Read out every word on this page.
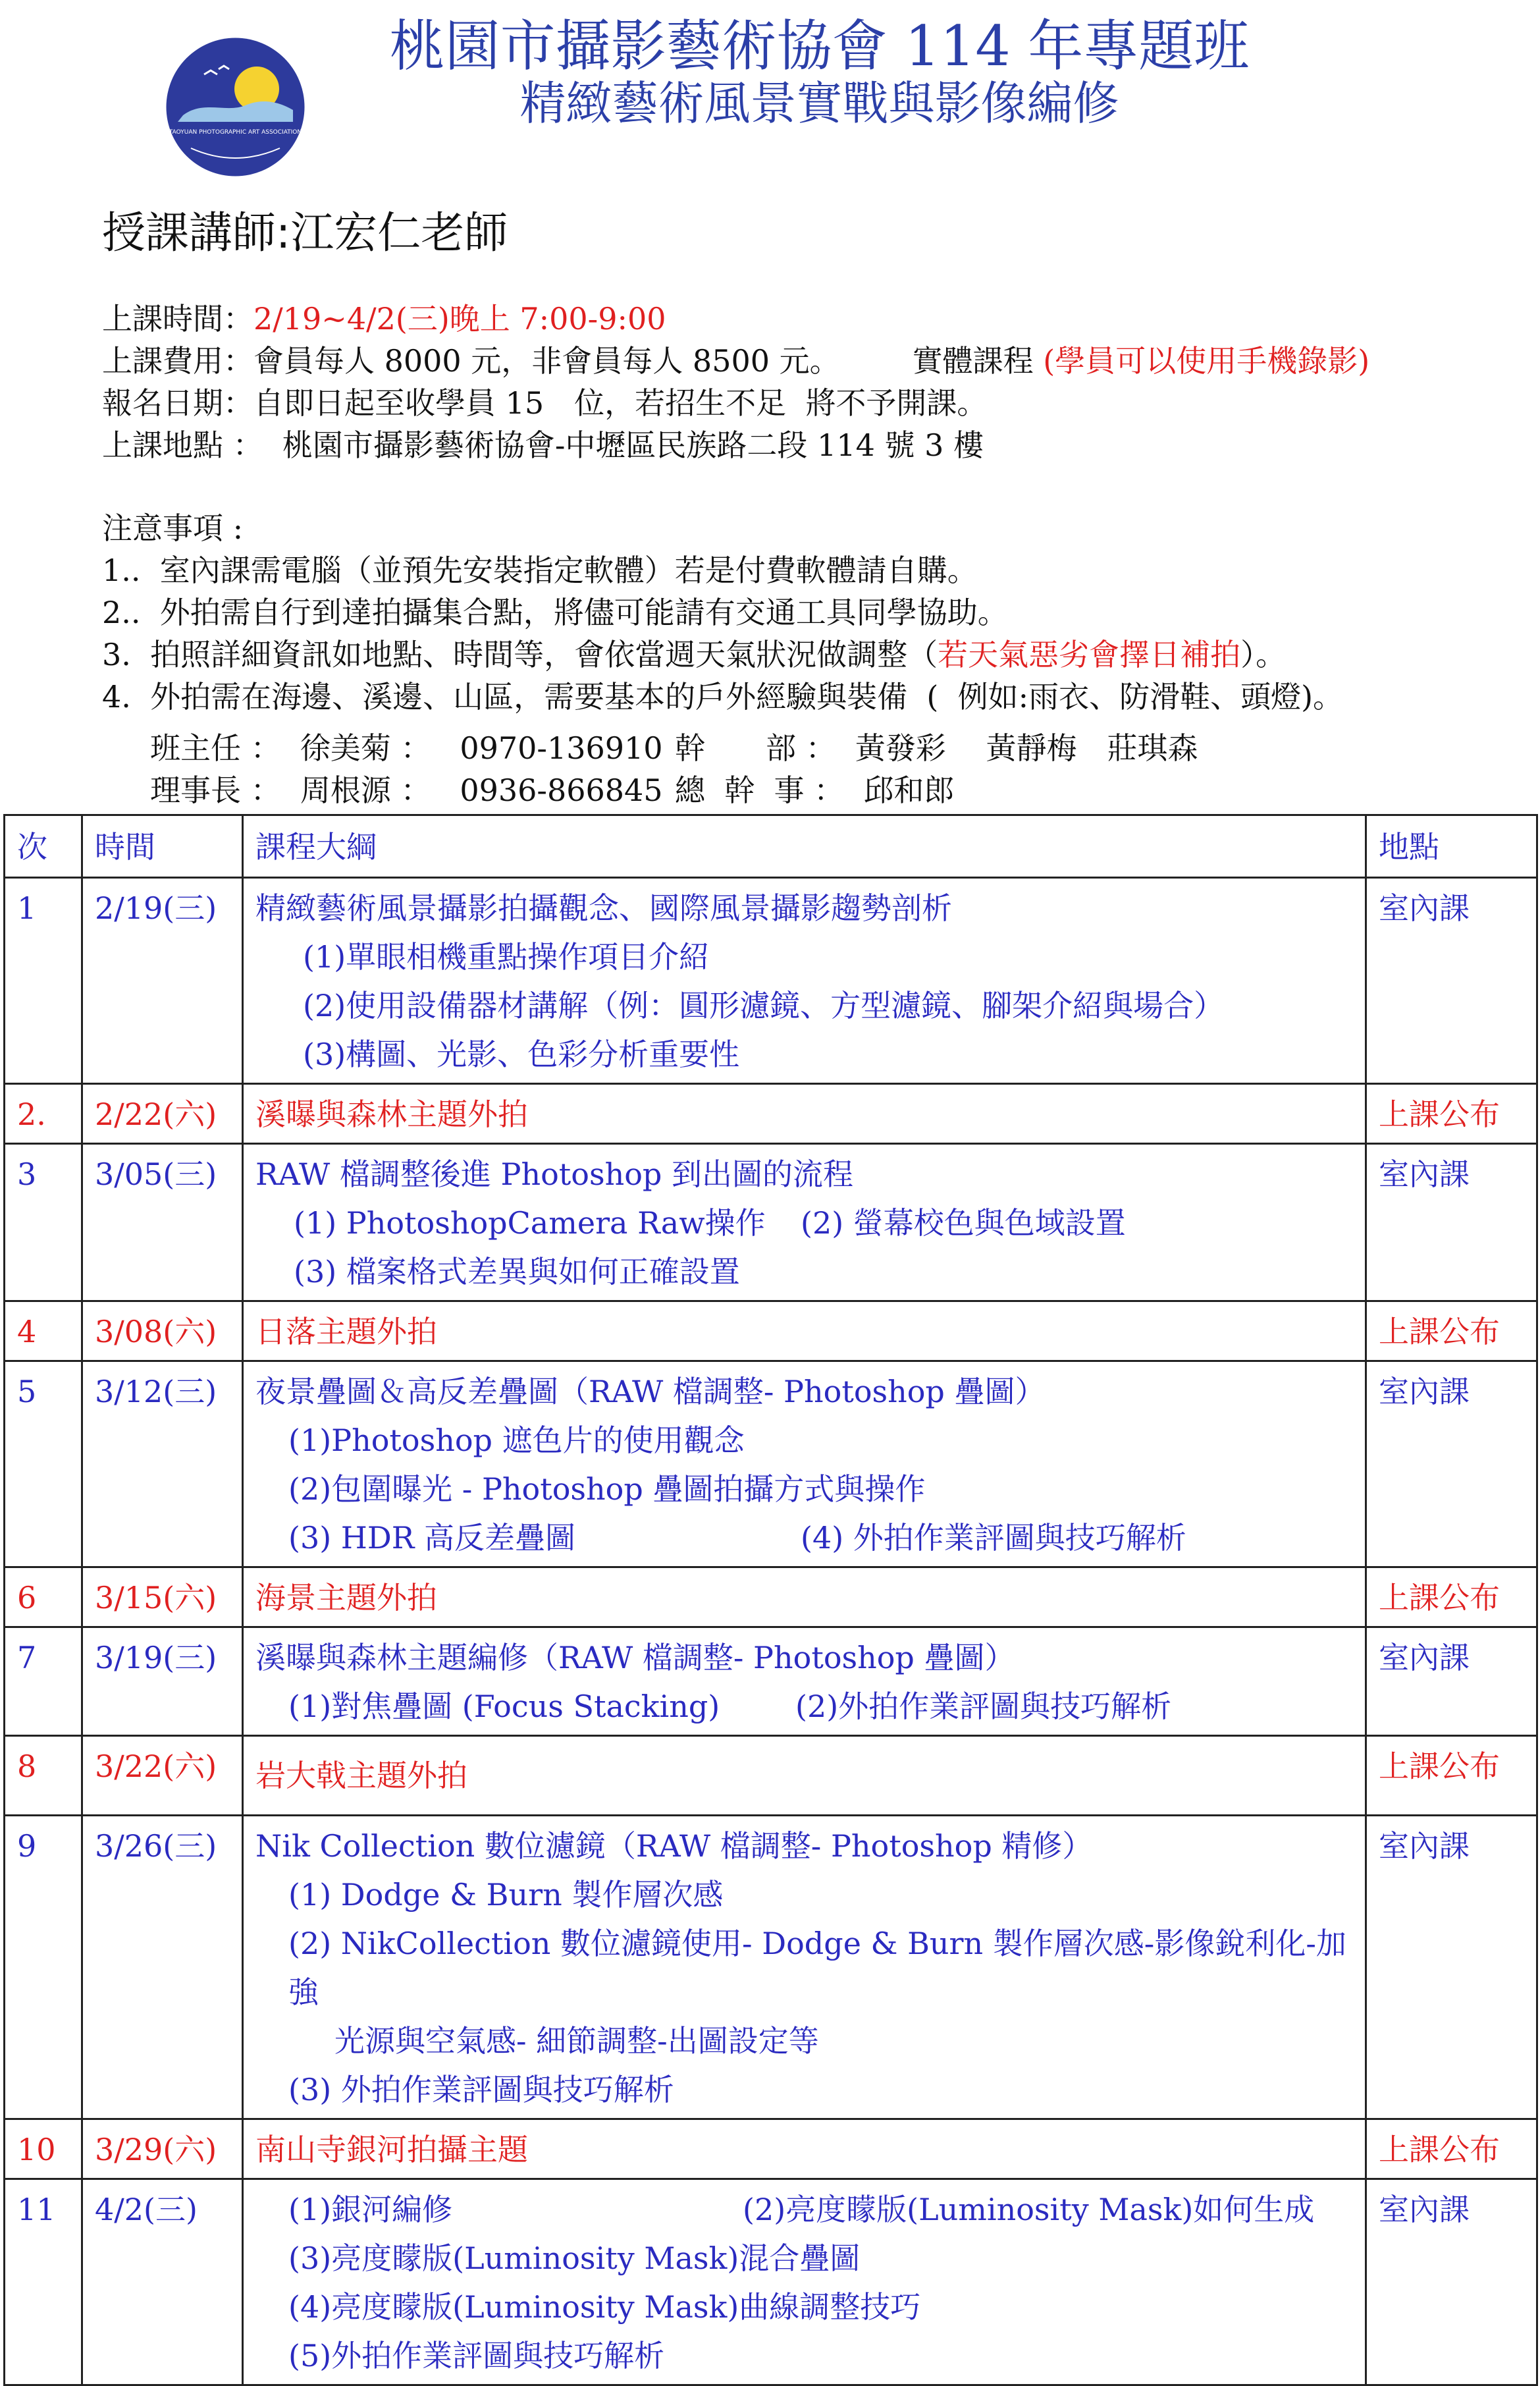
TAOYUAN PHOTOGRAPHIC ART ASSOCIATION
桃園市攝影藝術協會 114 年專題班
精緻藝術風景實戰與影像編修
授課講師:江宏仁老師
上課時間：2/19~4/2(三)晚上 7:00-9:00
上課費用：會員每人 8000 元，非會員每人 8500 元。 實體課程 (學員可以使用手機錄影)
報名日期：自即日起至收學員 15　位，若招生不足  將不予開課。
上課地點 ：  桃園市攝影藝術協會-中壢區民族路二段 114 號 3 樓
注意事項 :
1..  室內課需電腦（並預先安裝指定軟體）若是付費軟體請自購。
2..  外拍需自行到達拍攝集合點，將儘可能請有交通工具同學協助。
3.  拍照詳細資訊如地點、時間等，會依當週天氣狀況做調整（若天氣惡劣會擇日補拍）。
4.  外拍需在海邊、溪邊、山區，需要基本的戶外經驗與裝備  (  例如:雨衣、防滑鞋、頭燈)。
班主任 ：  徐美菊 ：   0970-136910 幹　　部 ：  黃發彩　 黃靜梅　莊琪森
理事長 ：  周根源 ：   0936-866845 總  幹  事 ：  邱和郎
次	時間	課程大綱	地點
1	2/19(三)	精緻藝術風景攝影拍攝觀念、國際風景攝影趨勢剖析
(1)單眼相機重點操作項目介紹
(2)使用設備器材講解（例：圓形濾鏡、方型濾鏡、腳架介紹與場合）
(3)構圖、光影、色彩分析重要性	室內課
2.	2/22(六)	溪曝與森林主題外拍	上課公布
3	3/05(三)	RAW 檔調整後進 Photoshop 到出圖的流程
(1) PhotoshopCamera Raw操作 (2) 螢幕校色與色域設置
(3) 檔案格式差異與如何正確設置	室內課
4	3/08(六)	日落主題外拍	上課公布
5	3/12(三)	夜景疊圖＆高反差疊圖（RAW 檔調整- Photoshop 疊圖）
(1)Photoshop 遮色片的使用觀念
(2)包圍曝光 - Photoshop 疊圖拍攝方式與操作
(3) HDR 高反差疊圖 (4) 外拍作業評圖與技巧解析	室內課
6	3/15(六)	海景主題外拍	上課公布
7	3/19(三)	溪曝與森林主題編修（RAW 檔調整- Photoshop 疊圖）
(1)對焦疊圖 (Focus Stacking) (2)外拍作業評圖與技巧解析	室內課
8	3/22(六)	岩大戟主題外拍	上課公布
9	3/26(三)	Nik Collection 數位濾鏡（RAW 檔調整- Photoshop 精修）
(1) Dodge & Burn 製作層次感
(2) NikCollection 數位濾鏡使用- Dodge & Burn 製作層次感-影像銳利化-加強
光源與空氣感- 細節調整-出圖設定等
(3) 外拍作業評圖與技巧解析	室內課
10	3/29(六)	南山寺銀河拍攝主題	上課公布
11	4/2(三)	(1)銀河編修 (2)亮度矇版(Luminosity Mask)如何生成
(3)亮度矇版(Luminosity Mask)混合疊圖
(4)亮度矇版(Luminosity Mask)曲線調整技巧
(5)外拍作業評圖與技巧解析	室內課
